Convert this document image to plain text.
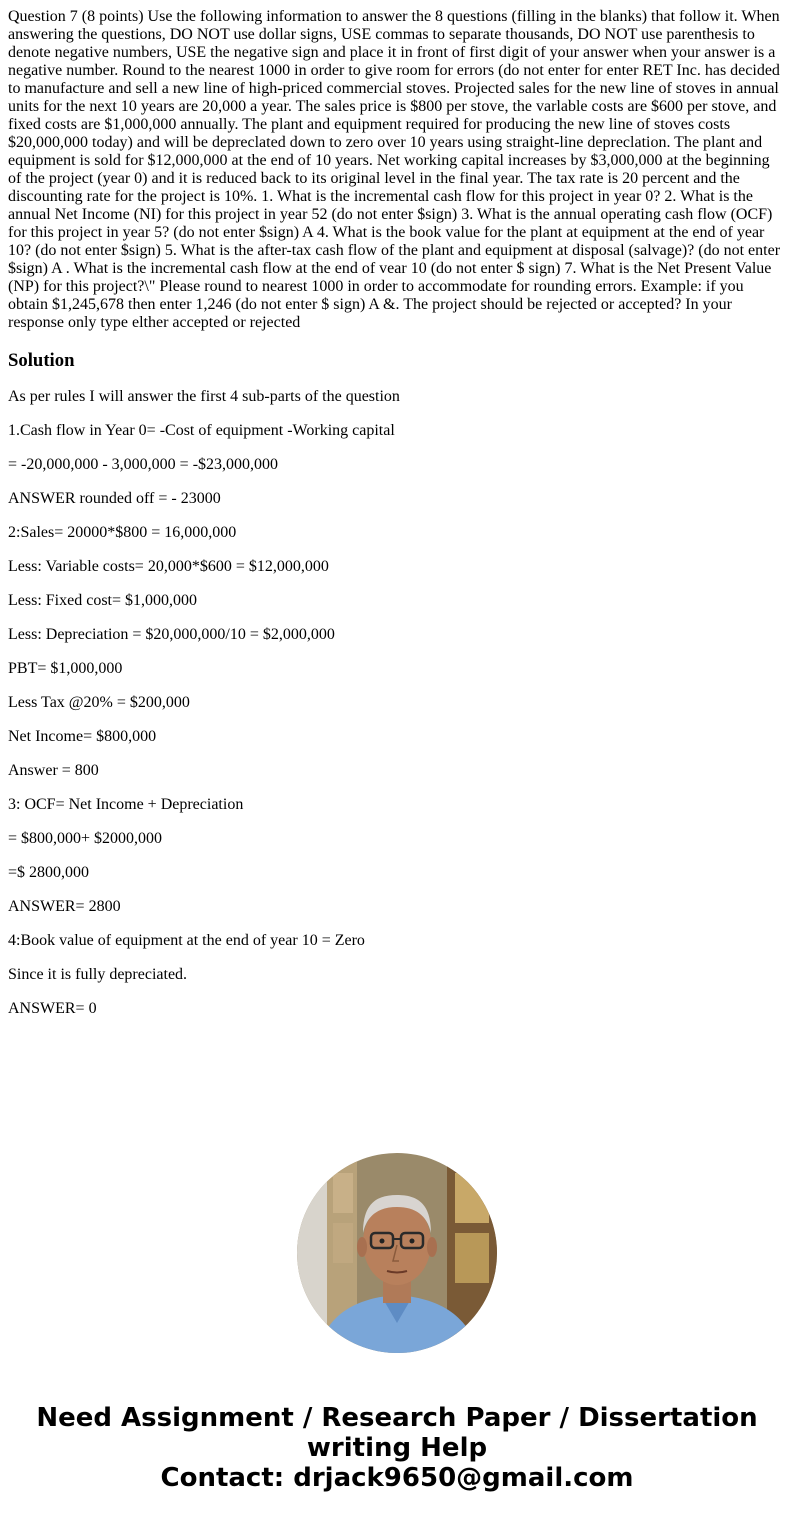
Question 7 (8 points) Use the following information to answer the 8 questions (filling in the blanks) that follow it. When answering the questions, DO NOT use dollar signs, USE commas to separate thousands, DO NOT use parenthesis to denote negative numbers, USE the negative sign and place it in front of first digit of your answer when your answer is a negative number. Round to the nearest 1000 in order to give room for errors (do not enter for enter RET Inc. has decided to manufacture and sell a new line of high-priced commercial stoves. Projected sales for the new line of stoves in annual units for the next 10 years are 20,000 a year. The sales price is $800 per stove, the varlable costs are $600 per stove, and fixed costs are $1,000,000 annually. The plant and equipment required for producing the new line of stoves costs $20,000,000 today) and will be depreclated down to zero over 10 years using straight-line depreclation. The plant and equipment is sold for $12,000,000 at the end of 10 years. Net working capital increases by $3,000,000 at the beginning of the project (year 0) and it is reduced back to its original level in the final year. The tax rate is 20 percent and the discounting rate for the project is 10%. 1. What is the incremental cash flow for this project in year 0? 2. What is the annual Net Income (NI) for this project in year 52 (do not enter $sign) 3. What is the annual operating cash flow (OCF) for this project in year 5? (do not enter $sign) A 4. What is the book value for the plant at equipment at the end of year 10? (do not enter $sign) 5. What is the after-tax cash flow of the plant and equipment at disposal (salvage)? (do not enter $sign) A . What is the incremental cash flow at the end of vear 10 (do not enter $ sign) 7. What is the Net Present Value (NP) for this project?\" Please round to nearest 1000 in order to accommodate for rounding errors. Example: if you obtain $1,245,678 then enter 1,246 (do not enter $ sign) A &. The project should be rejected or accepted? In your response only type elther accepted or rejected

Solution

As per rules I will answer the first 4 sub-parts of the question

1.Cash flow in Year 0= -Cost of equipment -Working capital

= -20,000,000 - 3,000,000 = -$23,000,000

ANSWER rounded off = - 23000

2:Sales= 20000*$800 = 16,000,000

Less: Variable costs= 20,000*$600 = $12,000,000

Less: Fixed cost= $1,000,000

Less: Depreciation = $20,000,000/10 = $2,000,000

PBT= $1,000,000

Less Tax @20% = $200,000

Net Income= $800,000

Answer = 800

3: OCF= Net Income + Depreciation

= $800,000+ $2000,000

=$ 2800,000

ANSWER= 2800

4:Book value of equipment at the end of year 10 = Zero

Since it is fully depreciated.

ANSWER= 0

Need Assignment / Research Paper / Dissertation
writing Help
Contact: drjack9650@gmail.com
